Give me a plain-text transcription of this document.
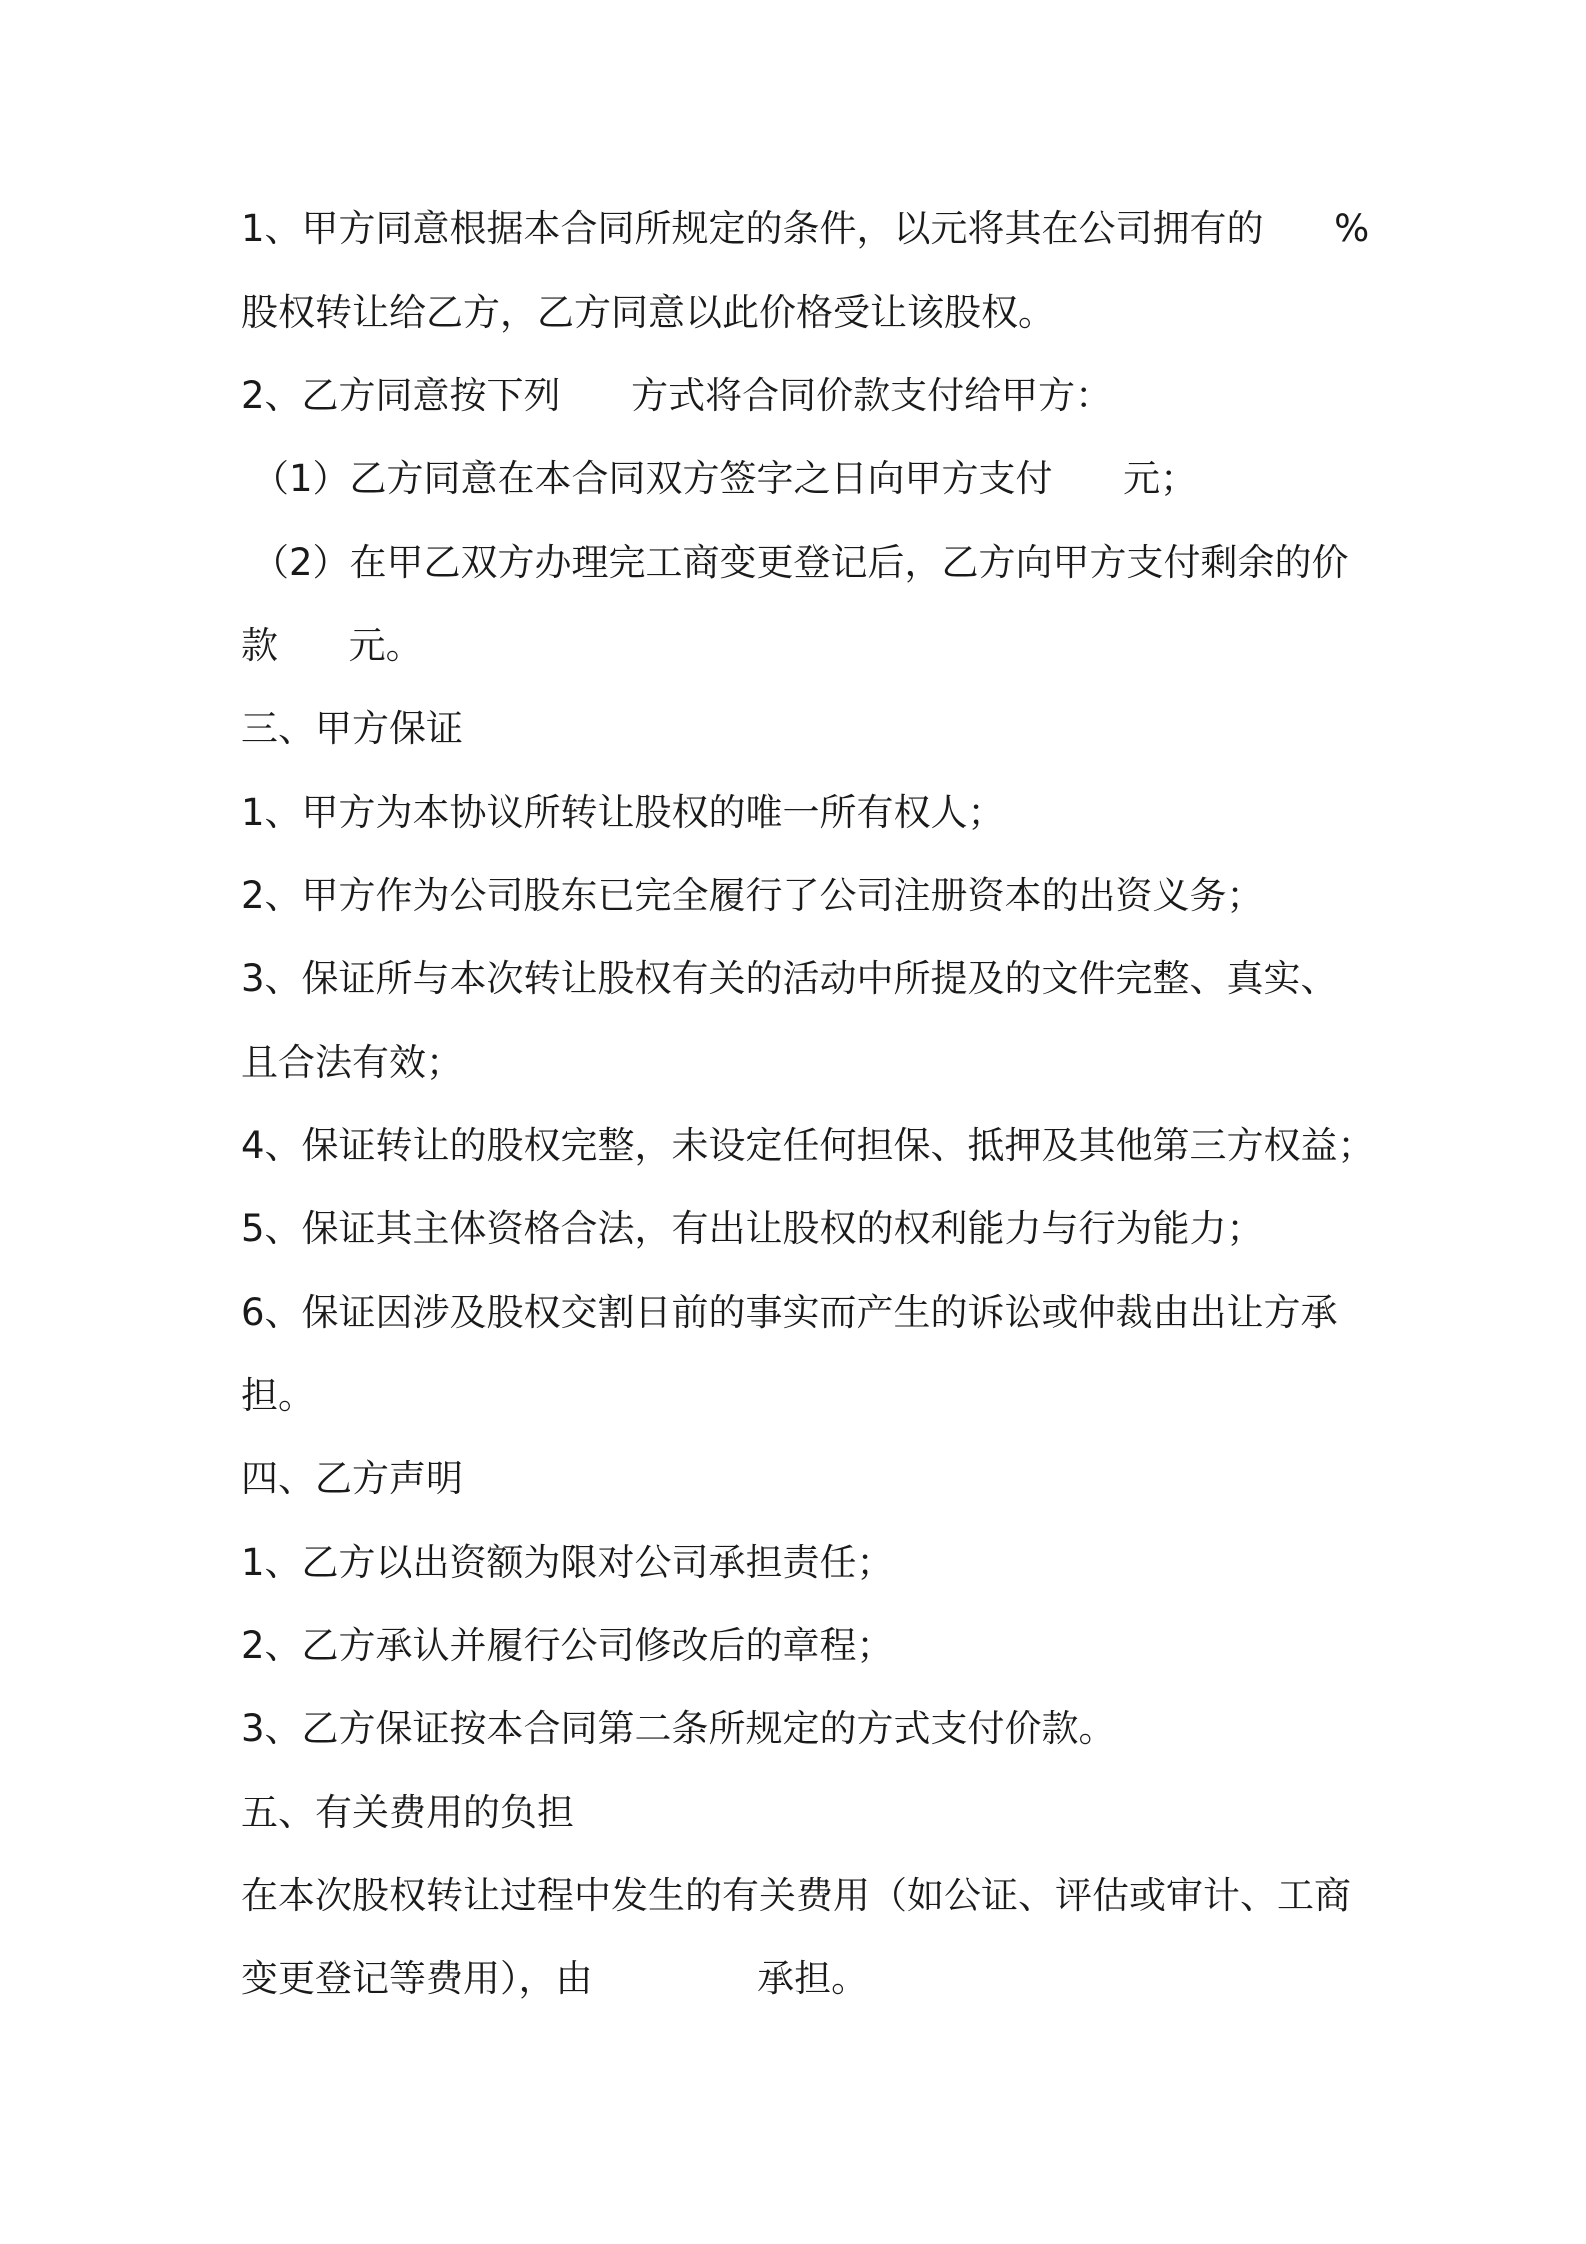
1、甲方同意根据本合同所规定的条件，以元将其在公司拥有的      %
股权转让给乙方，乙方同意以此价格受让该股权。
2、乙方同意按下列      方式将合同价款支付给甲方：
（1）乙方同意在本合同双方签字之日向甲方支付      元；
（2）在甲乙双方办理完工商变更登记后，乙方向甲方支付剩余的价
款      元。
三、甲方保证
1、甲方为本协议所转让股权的唯一所有权人；
2、甲方作为公司股东已完全履行了公司注册资本的出资义务；
3、保证所与本次转让股权有关的活动中所提及的文件完整、真实、
且合法有效；
4、保证转让的股权完整，未设定任何担保、抵押及其他第三方权益；
5、保证其主体资格合法，有出让股权的权利能力与行为能力；
6、保证因涉及股权交割日前的事实而产生的诉讼或仲裁由出让方承
担。
四、乙方声明
1、乙方以出资额为限对公司承担责任；
2、乙方承认并履行公司修改后的章程；
3、乙方保证按本合同第二条所规定的方式支付价款。
五、有关费用的负担
在本次股权转让过程中发生的有关费用（如公证、评估或审计、工商
变更登记等费用），由              承担。
